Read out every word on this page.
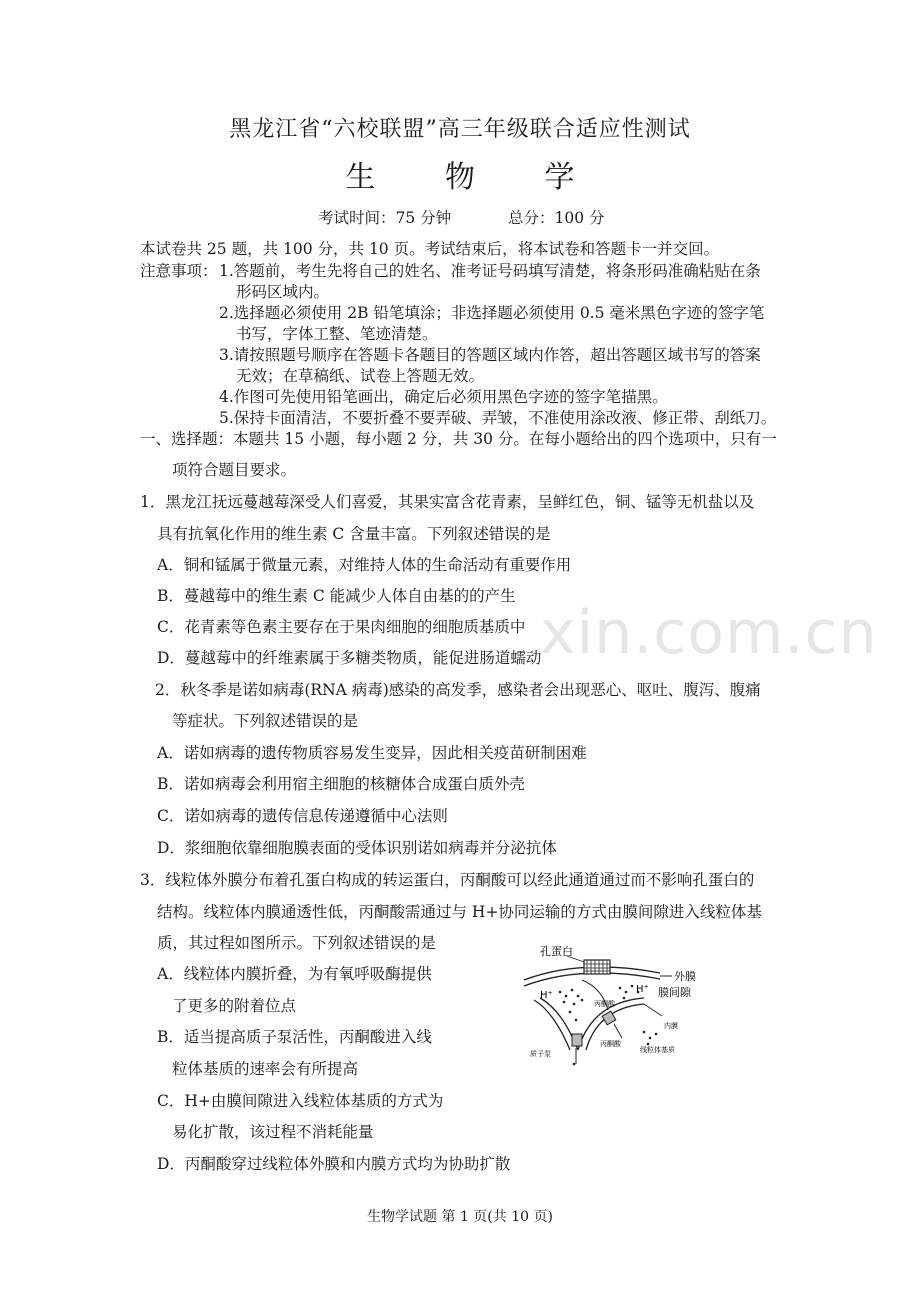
黑龙江省“六校联盟”高三年级联合适应性测试
生 物 学
考试时间：75 分钟	总分：100 分
xin.com.cn
本试卷共 25 题，共 100 分，共 10 页。考试结束后，将本试卷和答题卡一并交回。
注意事项： 1.答题前，考生先将自己的姓名、准考证号码填写清楚，将条形码准确粘贴在条
形码区域内。
2.选择题必须使用 2B 铅笔填涂；非选择题必须使用 0.5 毫米黑色字迹的签字笔
书写，字体工整、笔迹清楚。
3.请按照题号顺序在答题卡各题目的答题区域内作答，超出答题区域书写的答案
无效；在草稿纸、试卷上答题无效。
4.作图可先使用铅笔画出，确定后必须用黑色字迹的签字笔描黑。
5.保持卡面清洁，不要折叠不要弄破、弄皱，不准使用涂改液、修正带、刮纸刀。
一、选择题：本题共 15 小题，每小题 2 分，共 30 分。在每小题给出的四个选项中，只有一
项符合题目要求。
1．黑龙江抚远蔓越莓深受人们喜爱，其果实富含花青素，呈鲜红色，铜、锰等无机盐以及
具有抗氧化作用的维生素 C 含量丰富。下列叙述错误的是
A．铜和锰属于微量元素，对维持人体的生命活动有重要作用
B．蔓越莓中的维生素 C 能减少人体自由基的的产生
C．花青素等色素主要存在于果肉细胞的细胞质基质中
D．蔓越莓中的纤维素属于多糖类物质，能促进肠道蠕动
2．秋冬季是诺如病毒(RNA 病毒)感染的高发季，感染者会出现恶心、呕吐、腹泻、腹痛
等症状。下列叙述错误的是
A．诺如病毒的遗传物质容易发生变异，因此相关疫苗研制困难
B．诺如病毒会利用宿主细胞的核糖体合成蛋白质外壳
C．诺如病毒的遗传信息传递遵循中心法则
D．浆细胞依靠细胞膜表面的受体识别诺如病毒并分泌抗体
3．线粒体外膜分布着孔蛋白构成的转运蛋白，丙酮酸可以经此通道通过而不影响孔蛋白的
结构。线粒体内膜通透性低，丙酮酸需通过与 H+协同运输的方式由膜间隙进入线粒体基
质，其过程如图所示。下列叙述错误的是
A．线粒体内膜折叠，为有氧呼吸酶提供
了更多的附着位点
B．适当提高质子泵活性，丙酮酸进入线
粒体基质的速率会有所提高
C．H+由膜间隙进入线粒体基质的方式为
易化扩散，该过程不消耗能量
D．丙酮酸穿过线粒体外膜和内膜方式均为协助扩散
孔蛋白
外膜
H⁺
H⁺ 膜间隙
丙酮酸
内膜
质子泵
丙酮酸
线粒体基质
生物学试题 第 1 页(共 10 页)
